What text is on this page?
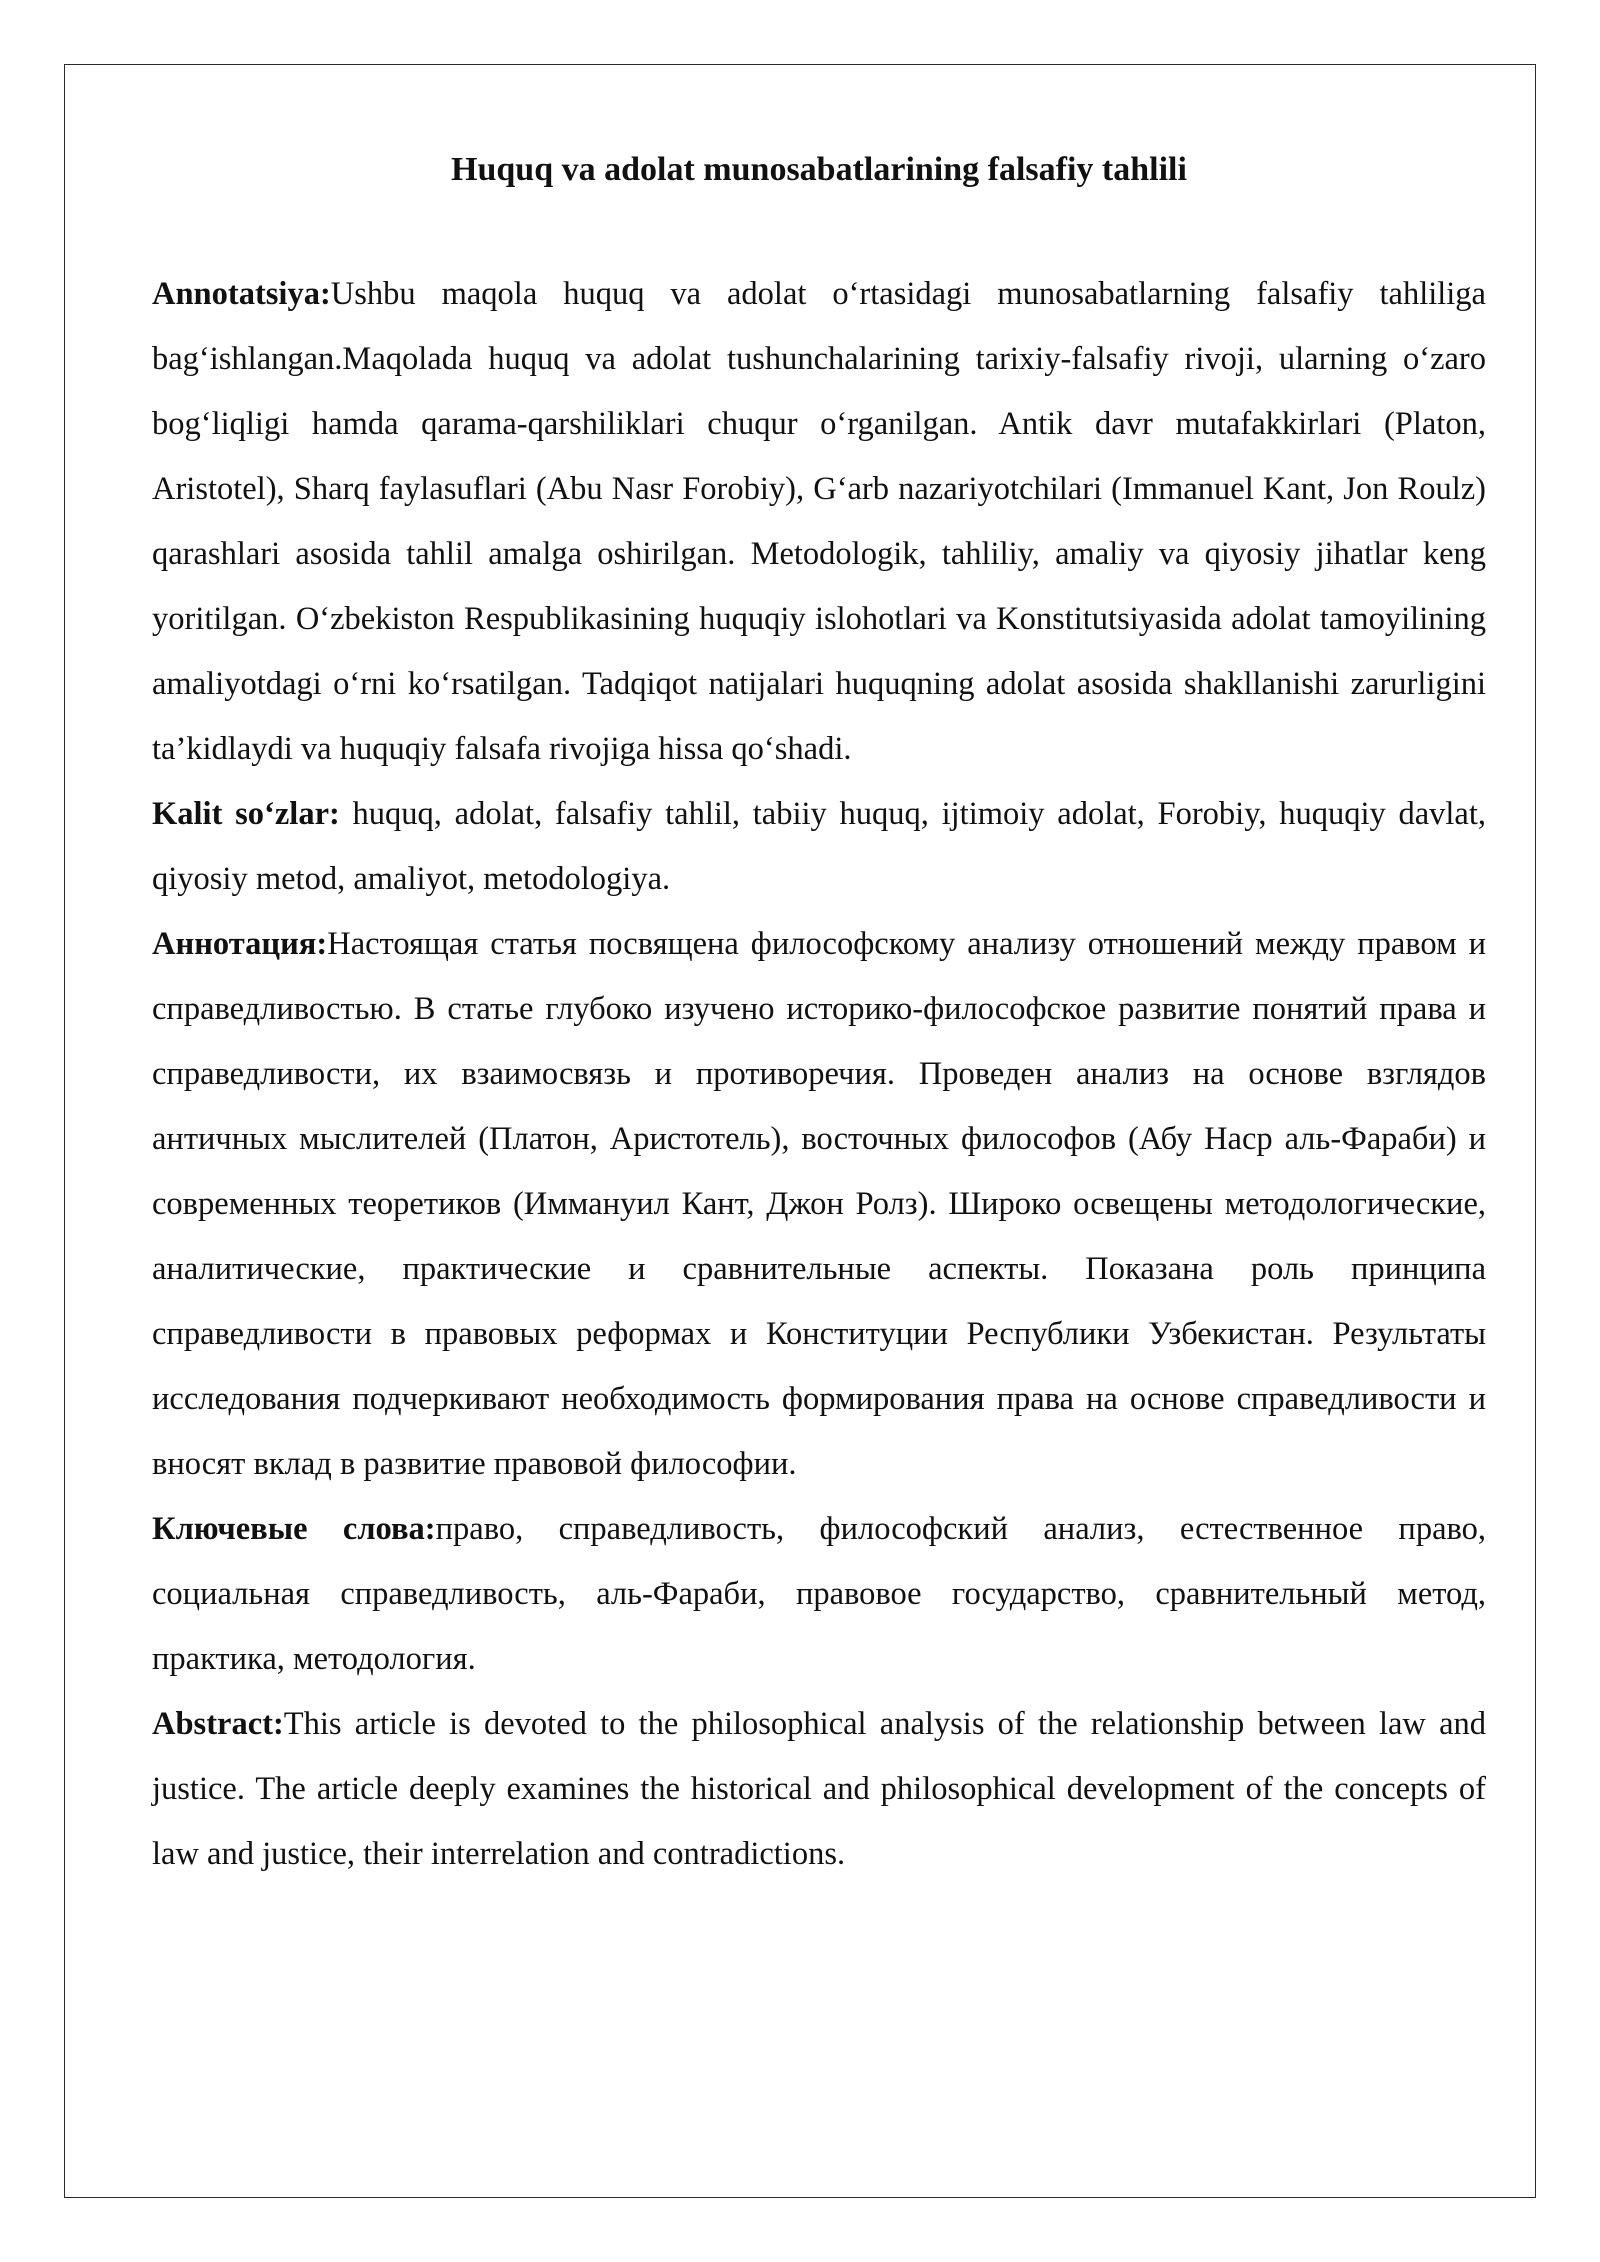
Huquq va adolat munosabatlarining falsafiy tahlili

Annotatsiya:Ushbu maqola huquq va adolat oʻrtasidagi munosabatlarning falsafiy tahliliga bagʻishlangan.Maqolada huquq va adolat tushunchalarining tarixiy-falsafiy rivoji, ularning oʻzaro bogʻliqligi hamda qarama-qarshiliklari chuqur oʻrganilgan. Antik davr mutafakkirlari (Platon, Aristotel), Sharq faylasuflari (Abu Nasr Forobiy), Gʻarb nazariyotchilari (Immanuel Kant, Jon Roulz) qarashlari asosida tahlil amalga oshirilgan. Metodologik, tahliliy, amaliy va qiyosiy jihatlar keng yoritilgan. Oʻzbekiston Respublikasining huquqiy islohotlari va Konstitutsiyasida adolat tamoyilining amaliyotdagi oʻrni koʻrsatilgan. Tadqiqot natijalari huquqning adolat asosida shakllanishi zarurligini ta’kidlaydi va huquqiy falsafa rivojiga hissa qoʻshadi.

Kalit soʻzlar: huquq, adolat, falsafiy tahlil, tabiiy huquq, ijtimoiy adolat, Forobiy, huquqiy davlat, qiyosiy metod, amaliyot, metodologiya.

Аннотация:Настоящая статья посвящена философскому анализу отношений между правом и справедливостью. В статье глубоко изучено историко-философское развитие понятий права и справедливости, их взаимосвязь и противоречия. Проведен анализ на основе взглядов античных мыслителей (Платон, Аристотель), восточных философов (Абу Наср аль-Фараби) и современных теоретиков (Иммануил Кант, Джон Ролз). Широко освещены методологические, аналитические, практические и сравнительные аспекты. Показана роль принципа справедливости в правовых реформах и Конституции Республики Узбекистан. Результаты исследования подчеркивают необходимость формирования права на основе справедливости и вносят вклад в развитие правовой философии.

Ключевые слова:право, справедливость, философский анализ, естественное право, социальная справедливость, аль-Фараби, правовое государство, сравнительный метод, практика, методология.

Abstract:This article is devoted to the philosophical analysis of the relationship between law and justice. The article deeply examines the historical and philosophical development of the concepts of law and justice, their interrelation and contradictions.
